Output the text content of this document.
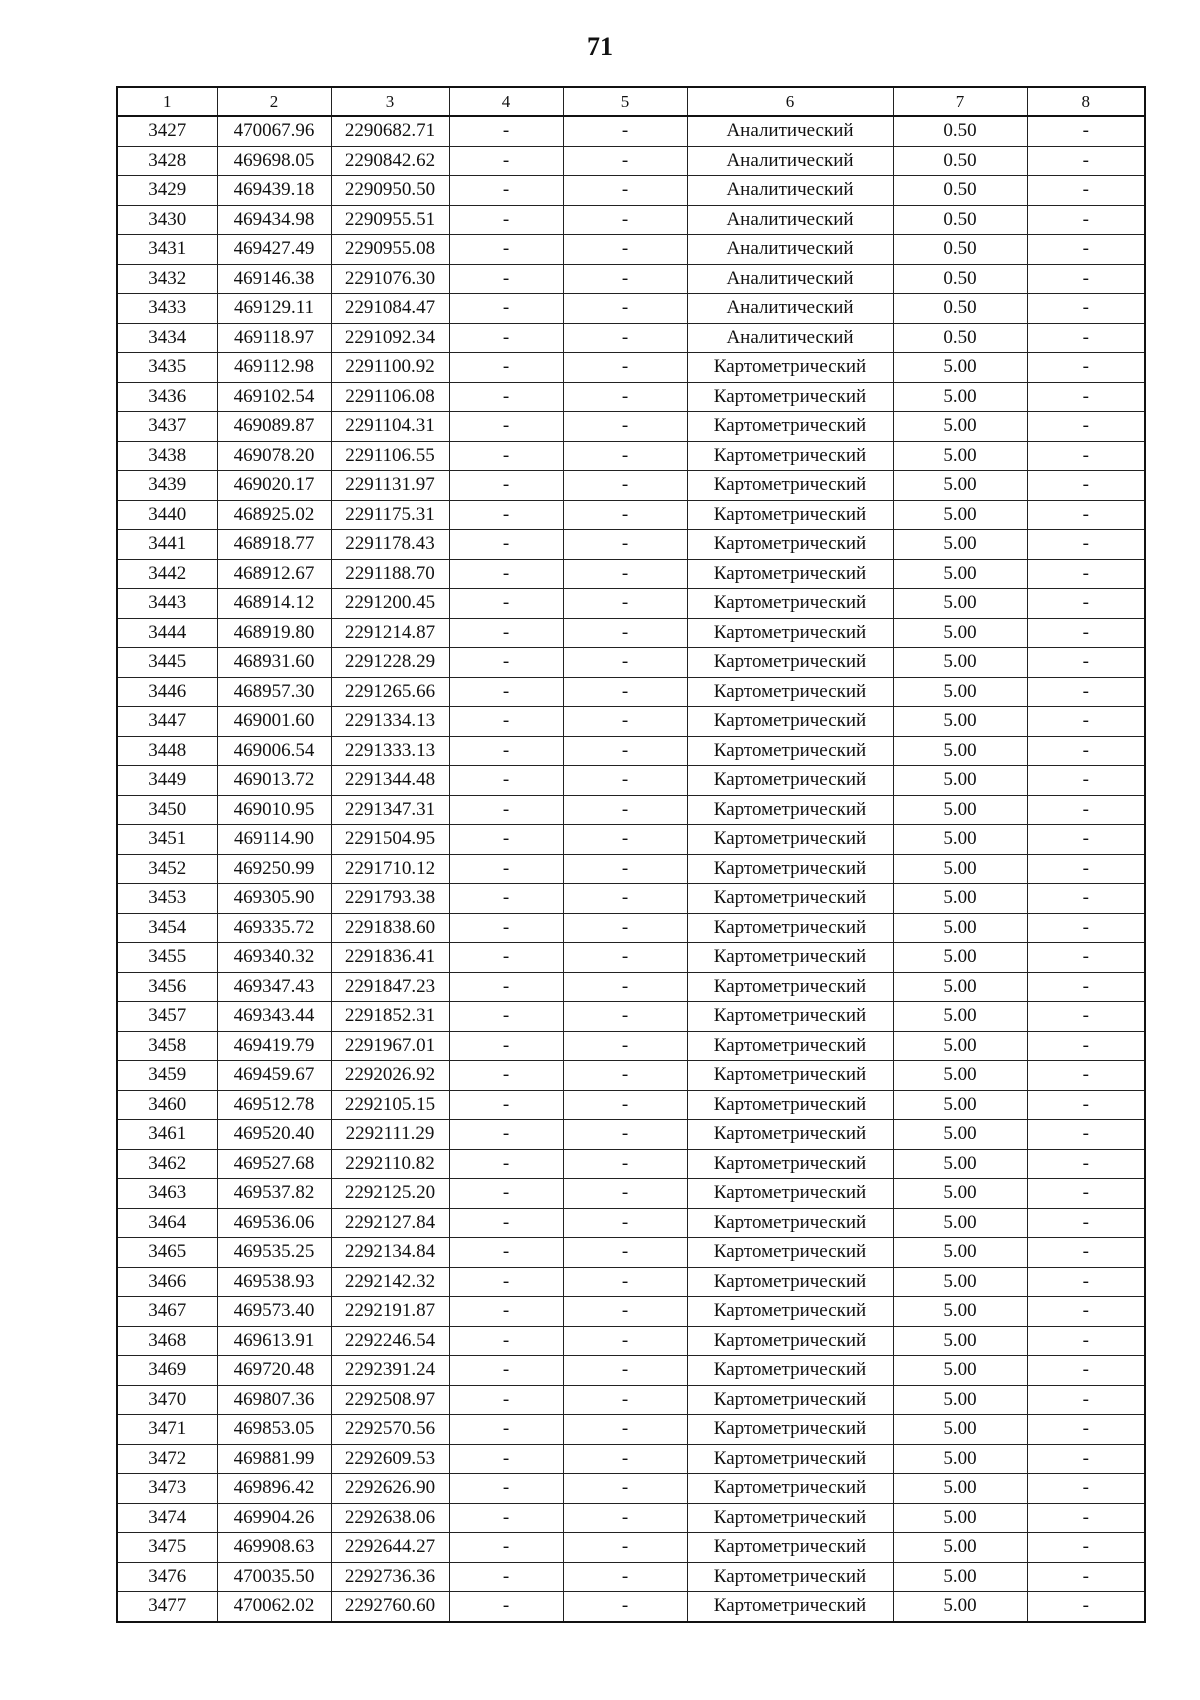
71
1	2	3	4	5	6	7	8
3427	470067.96	2290682.71	-	-	Аналитический	0.50	-
3428	469698.05	2290842.62	-	-	Аналитический	0.50	-
3429	469439.18	2290950.50	-	-	Аналитический	0.50	-
3430	469434.98	2290955.51	-	-	Аналитический	0.50	-
3431	469427.49	2290955.08	-	-	Аналитический	0.50	-
3432	469146.38	2291076.30	-	-	Аналитический	0.50	-
3433	469129.11	2291084.47	-	-	Аналитический	0.50	-
3434	469118.97	2291092.34	-	-	Аналитический	0.50	-
3435	469112.98	2291100.92	-	-	Картометрический	5.00	-
3436	469102.54	2291106.08	-	-	Картометрический	5.00	-
3437	469089.87	2291104.31	-	-	Картометрический	5.00	-
3438	469078.20	2291106.55	-	-	Картометрический	5.00	-
3439	469020.17	2291131.97	-	-	Картометрический	5.00	-
3440	468925.02	2291175.31	-	-	Картометрический	5.00	-
3441	468918.77	2291178.43	-	-	Картометрический	5.00	-
3442	468912.67	2291188.70	-	-	Картометрический	5.00	-
3443	468914.12	2291200.45	-	-	Картометрический	5.00	-
3444	468919.80	2291214.87	-	-	Картометрический	5.00	-
3445	468931.60	2291228.29	-	-	Картометрический	5.00	-
3446	468957.30	2291265.66	-	-	Картометрический	5.00	-
3447	469001.60	2291334.13	-	-	Картометрический	5.00	-
3448	469006.54	2291333.13	-	-	Картометрический	5.00	-
3449	469013.72	2291344.48	-	-	Картометрический	5.00	-
3450	469010.95	2291347.31	-	-	Картометрический	5.00	-
3451	469114.90	2291504.95	-	-	Картометрический	5.00	-
3452	469250.99	2291710.12	-	-	Картометрический	5.00	-
3453	469305.90	2291793.38	-	-	Картометрический	5.00	-
3454	469335.72	2291838.60	-	-	Картометрический	5.00	-
3455	469340.32	2291836.41	-	-	Картометрический	5.00	-
3456	469347.43	2291847.23	-	-	Картометрический	5.00	-
3457	469343.44	2291852.31	-	-	Картометрический	5.00	-
3458	469419.79	2291967.01	-	-	Картометрический	5.00	-
3459	469459.67	2292026.92	-	-	Картометрический	5.00	-
3460	469512.78	2292105.15	-	-	Картометрический	5.00	-
3461	469520.40	2292111.29	-	-	Картометрический	5.00	-
3462	469527.68	2292110.82	-	-	Картометрический	5.00	-
3463	469537.82	2292125.20	-	-	Картометрический	5.00	-
3464	469536.06	2292127.84	-	-	Картометрический	5.00	-
3465	469535.25	2292134.84	-	-	Картометрический	5.00	-
3466	469538.93	2292142.32	-	-	Картометрический	5.00	-
3467	469573.40	2292191.87	-	-	Картометрический	5.00	-
3468	469613.91	2292246.54	-	-	Картометрический	5.00	-
3469	469720.48	2292391.24	-	-	Картометрический	5.00	-
3470	469807.36	2292508.97	-	-	Картометрический	5.00	-
3471	469853.05	2292570.56	-	-	Картометрический	5.00	-
3472	469881.99	2292609.53	-	-	Картометрический	5.00	-
3473	469896.42	2292626.90	-	-	Картометрический	5.00	-
3474	469904.26	2292638.06	-	-	Картометрический	5.00	-
3475	469908.63	2292644.27	-	-	Картометрический	5.00	-
3476	470035.50	2292736.36	-	-	Картометрический	5.00	-
3477	470062.02	2292760.60	-	-	Картометрический	5.00	-
